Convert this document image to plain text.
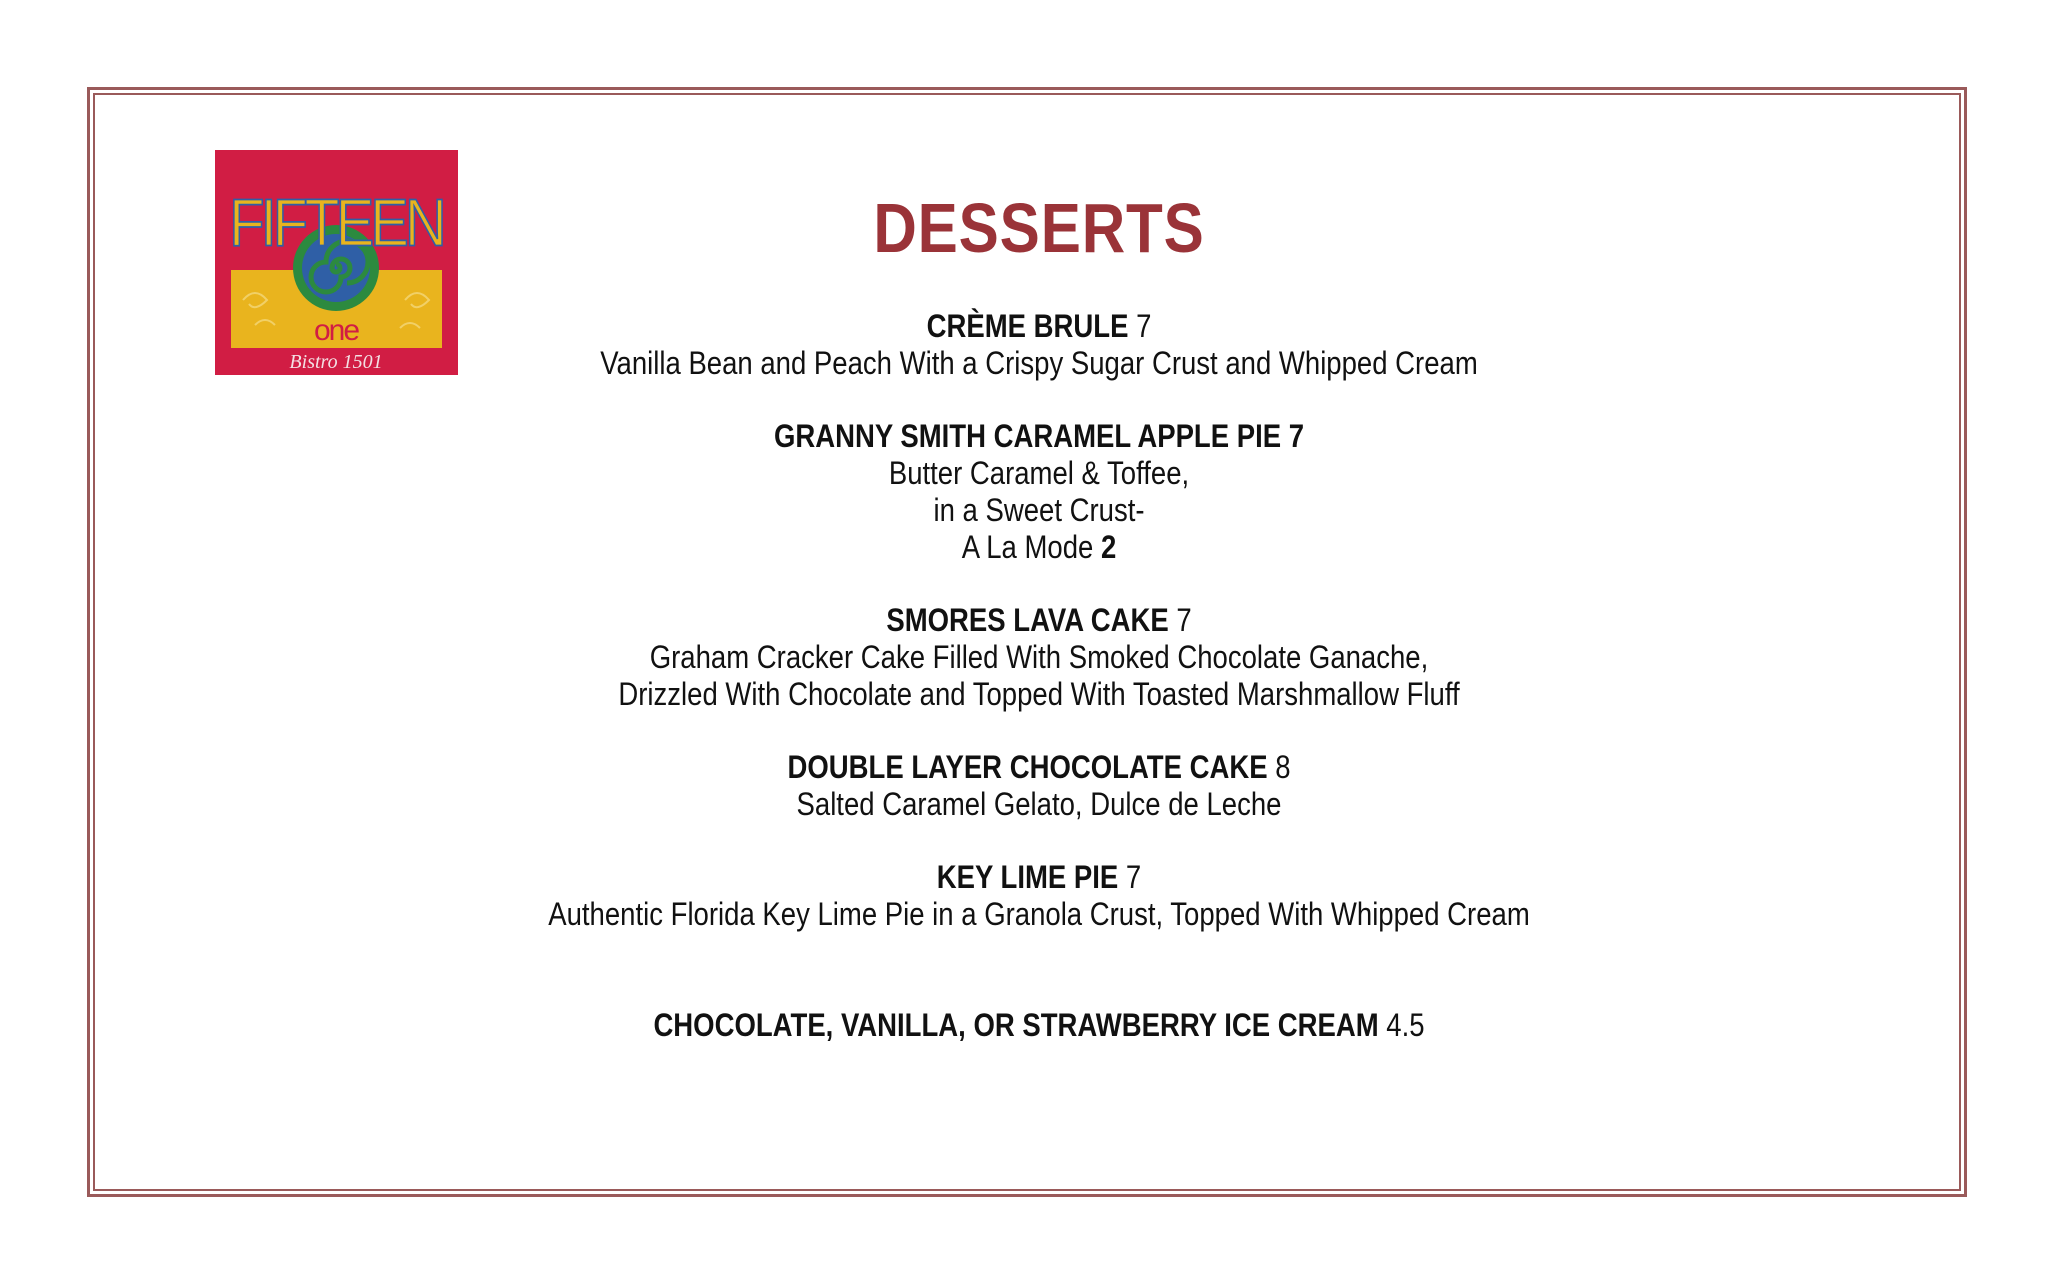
FIFTEEN
one
Bistro 1501
DESSERTS
CRÈME BRULE 7
Vanilla Bean and Peach With a Crispy Sugar Crust and Whipped Cream
GRANNY SMITH CARAMEL APPLE PIE 7
Butter Caramel & Toffee,
in a Sweet Crust-
A La Mode 2
SMORES LAVA CAKE 7
Graham Cracker Cake Filled With Smoked Chocolate Ganache,
Drizzled With Chocolate and Topped With Toasted Marshmallow Fluff
DOUBLE LAYER CHOCOLATE CAKE 8
Salted Caramel Gelato, Dulce de Leche
KEY LIME PIE 7
Authentic Florida Key Lime Pie in a Granola Crust, Topped With Whipped Cream
CHOCOLATE, VANILLA, OR STRAWBERRY ICE CREAM 4.5
